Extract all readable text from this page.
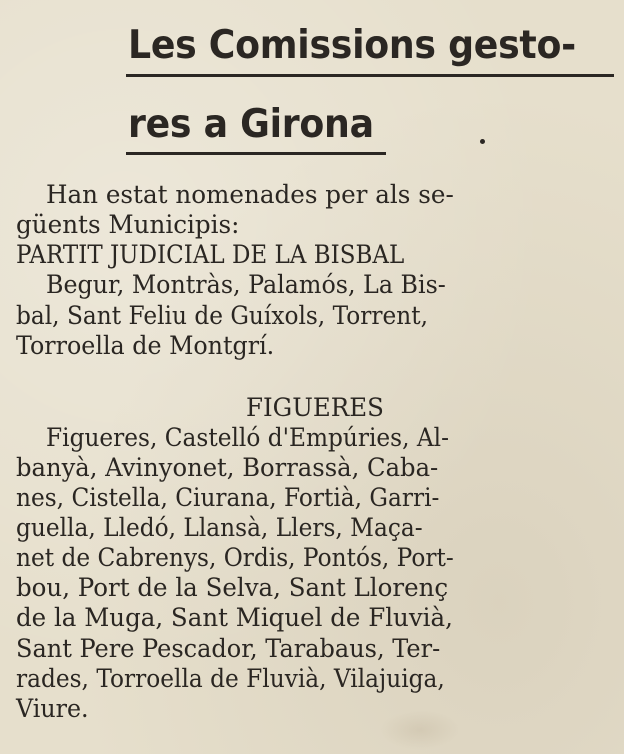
Les Comissions gesto-
res a Girona
Han estat nomenades per als se-
güents Municipis:
PARTIT JUDICIAL DE LA BISBAL
Begur, Montràs, Palamós, La Bis-
bal, Sant Feliu de Guíxols, Torrent,
Torroella de Montgrí.
FIGUERES
Figueres, Castelló d'Empúries, Al-
banyà, Avinyonet, Borrassà, Caba-
nes, Cistella, Ciurana, Fortià, Garri-
guella, Lledó, Llansà, Llers, Maça-
net de Cabrenys, Ordis, Pontós, Port-
bou, Port de la Selva, Sant Llorenç
de la Muga, Sant Miquel de Fluvià,
Sant Pere Pescador, Tarabaus, Ter-
rades, Torroella de Fluvià, Vilajuiga,
Viure.
